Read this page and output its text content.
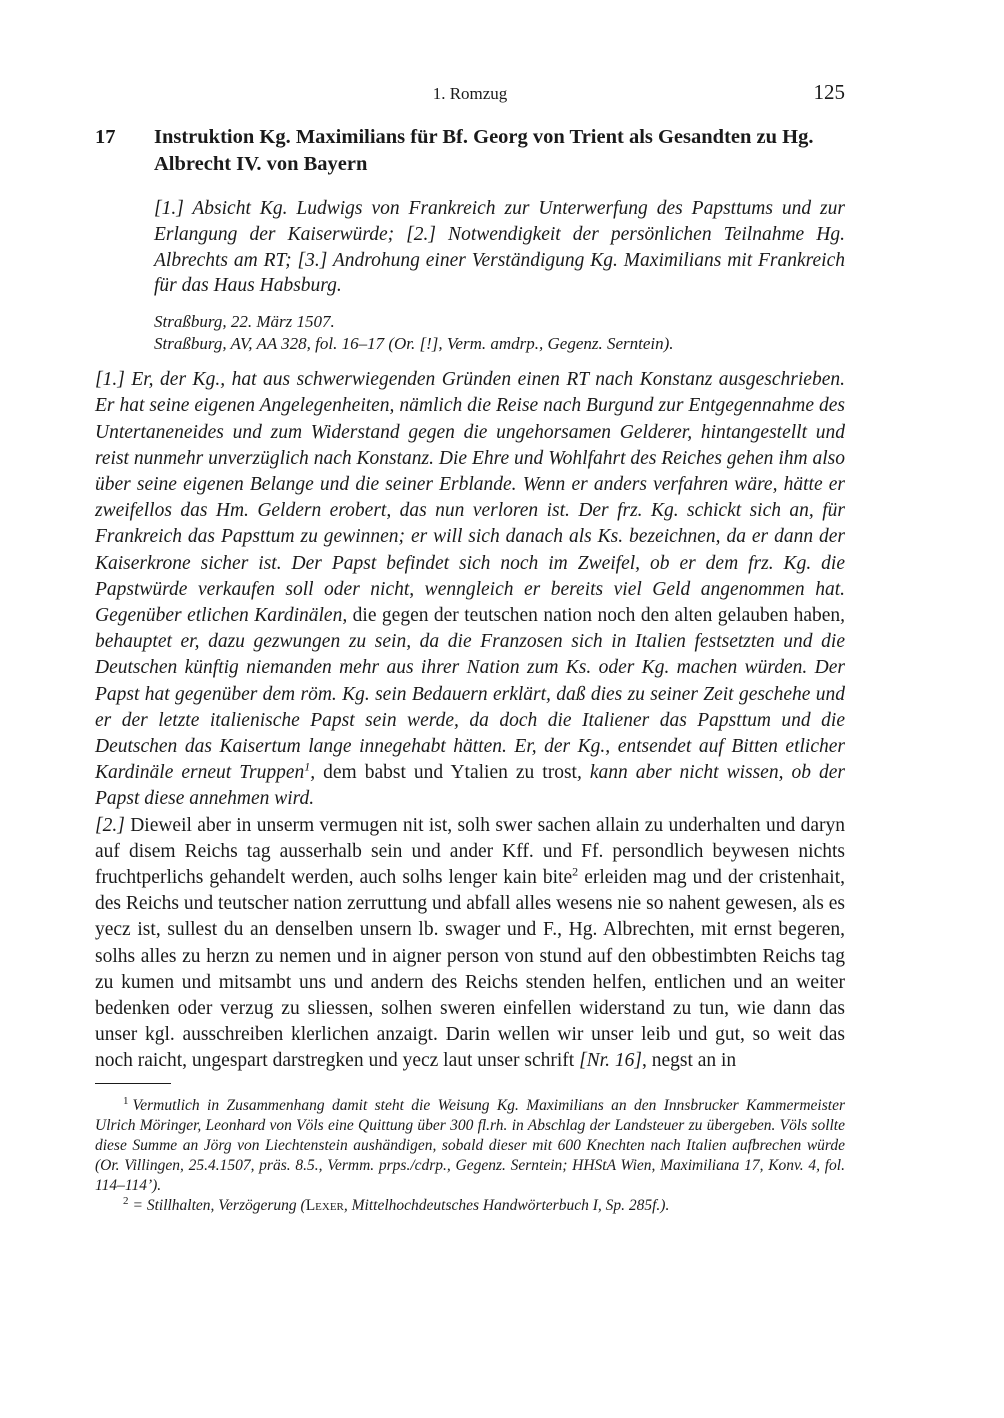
1. Romzug	125
17	Instruktion Kg. Maximilians für Bf. Georg von Trient als Gesandten zu Hg. Albrecht IV. von Bayern
[1.] Absicht Kg. Ludwigs von Frankreich zur Unterwerfung des Papsttums und zur Erlangung der Kaiserwürde; [2.] Notwendigkeit der persönlichen Teilnahme Hg. Albrechts am RT; [3.] Androhung einer Verständigung Kg. Maximilians mit Frankreich für das Haus Habsburg.
Straßburg, 22. März 1507.
Straßburg, AV, AA 328, fol. 16–17 (Or. [!], Verm. amdrp., Gegenz. Serntein).

[1.] Er, der Kg., hat aus schwerwiegenden Gründen einen RT nach Konstanz ausgeschrieben. Er hat seine eigenen Angelegenheiten, nämlich die Reise nach Burgund zur Entgegennahme des Untertaneneides und zum Widerstand gegen die ungehorsamen Gelderer, hintangestellt und reist nunmehr unverzüglich nach Konstanz. Die Ehre und Wohlfahrt des Reiches gehen ihm also über seine eigenen Belange und die seiner Erblande. Wenn er anders verfahren wäre, hätte er zweifellos das Hm. Geldern erobert, das nun verloren ist. Der frz. Kg. schickt sich an, für Frankreich das Papsttum zu gewinnen; er will sich danach als Ks. bezeichnen, da er dann der Kaiserkrone sicher ist. Der Papst befindet sich noch im Zweifel, ob er dem frz. Kg. die Papstwürde verkaufen soll oder nicht, wenngleich er bereits viel Geld angenommen hat. Gegenüber etlichen Kardinälen, die gegen der teutschen nation noch den alten gelauben haben, behauptet er, dazu gezwungen zu sein, da die Franzosen sich in Italien festsetzten und die Deutschen künftig niemanden mehr aus ihrer Nation zum Ks. oder Kg. machen würden. Der Papst hat gegenüber dem röm. Kg. sein Bedauern erklärt, daß dies zu seiner Zeit geschehe und er der letzte italienische Papst sein werde, da doch die Italiener das Papsttum und die Deutschen das Kaisertum lange innegehabt hätten. Er, der Kg., entsendet auf Bitten etlicher Kardinäle erneut Truppen$^1$, dem babst und Ytalien zu trost, kann aber nicht wissen, ob der Papst diese annehmen wird.

[2.] Dieweil aber in unserm vermugen nit ist, solh swer sachen allain zu underhalten und daryn auf disem Reichs tag ausserhalb sein und ander Kff. und Ff. persondlich beywesen nichts fruchtperlichs gehandelt werden, auch solhs lenger kain bite$^2$ erleiden mag und der cristenhait, des Reichs und teutscher nation zerruttung und abfall alles wesens nie so nahent gewesen, als es yecz ist, sullest du an denselben unsern lb. swager und F., Hg. Albrechten, mit ernst begeren, solhs alles zu herzn zu nemen und in aigner person von stund auf den obbestimbten Reichs tag zu kumen und mitsambt uns und andern des Reichs stenden helfen, entlichen und an weiter bedenken oder verzug zu sliessen, solhen sweren einfellen widerstand zu tun, wie dann das unser kgl. ausschreiben klerlichen anzaigt. Darin wellen wir unser leib und gut, so weit das noch raicht, ungespart darstregken und yecz laut unser schrift [Nr. 16], negst an in

$^1$ Vermutlich in Zusammenhang damit steht die Weisung Kg. Maximilians an den Innsbrucker Kammermeister Ulrich Möringer, Leonhard von Völs eine Quittung über 300 fl.rh. in Abschlag der Landsteuer zu übergeben. Völs sollte diese Summe an Jörg von Liechtenstein aushändigen, sobald dieser mit 600 Knechten nach Italien aufbrechen würde (Or. Villingen, 25.4.1507, präs. 8.5., Vermm. prps./cdrp., Gegenz. Serntein; HHStA Wien, Maximiliana 17, Konv. 4, fol. 114–114’).

$^2$ = Stillhalten, Verzögerung (Lexer, Mittelhochdeutsches Handwörterbuch I, Sp. 285f.).
